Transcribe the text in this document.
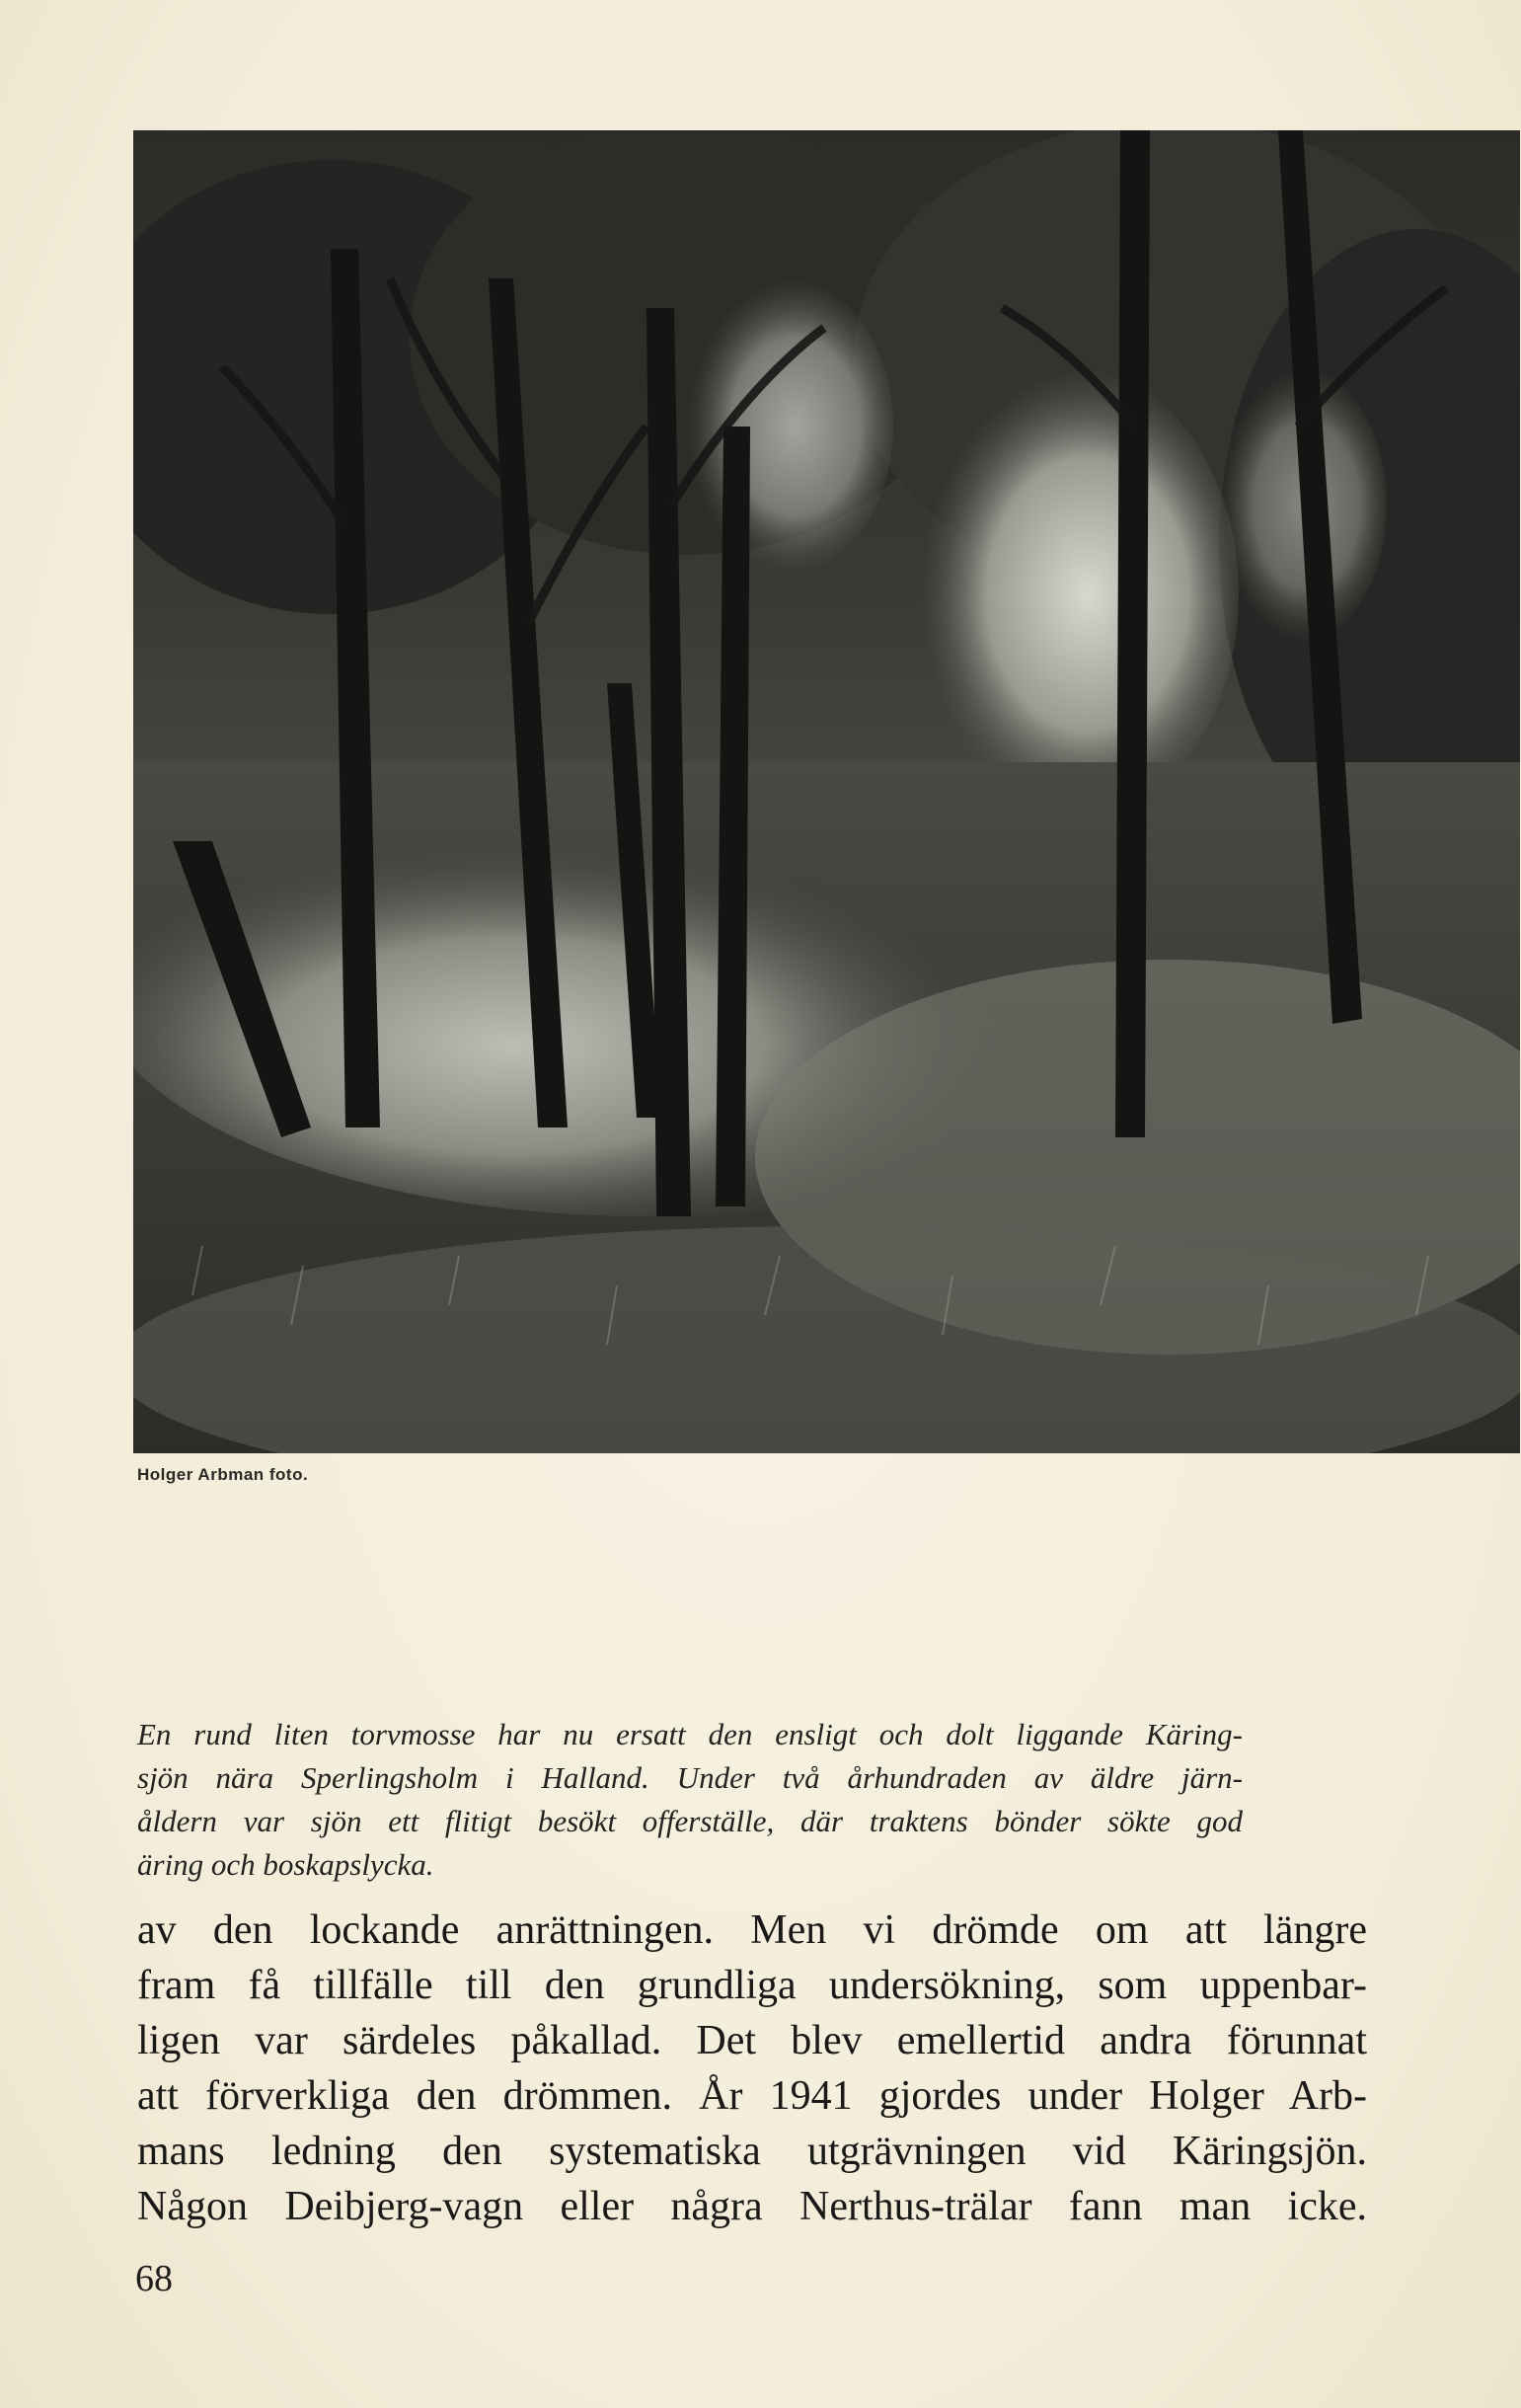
Holger Arbman foto.
En rund liten torvmosse har nu ersatt den ensligt och dolt liggande Käring-
sjön nära Sperlingsholm i Halland. Under två århundraden av äldre järn-
åldern var sjön ett flitigt besökt offerställe, där traktens bönder sökte god
äring och boskapslycka.
av den lockande anrättningen. Men vi drömde om att längre
fram få tillfälle till den grundliga undersökning, som uppenbar-
ligen var särdeles påkallad. Det blev emellertid andra förunnat
att förverkliga den drömmen. År 1941 gjordes under Holger Arb-
mans ledning den systematiska utgrävningen vid Käringsjön.
Någon Deibjerg-vagn eller några Nerthus-trälar fann man icke.
68
